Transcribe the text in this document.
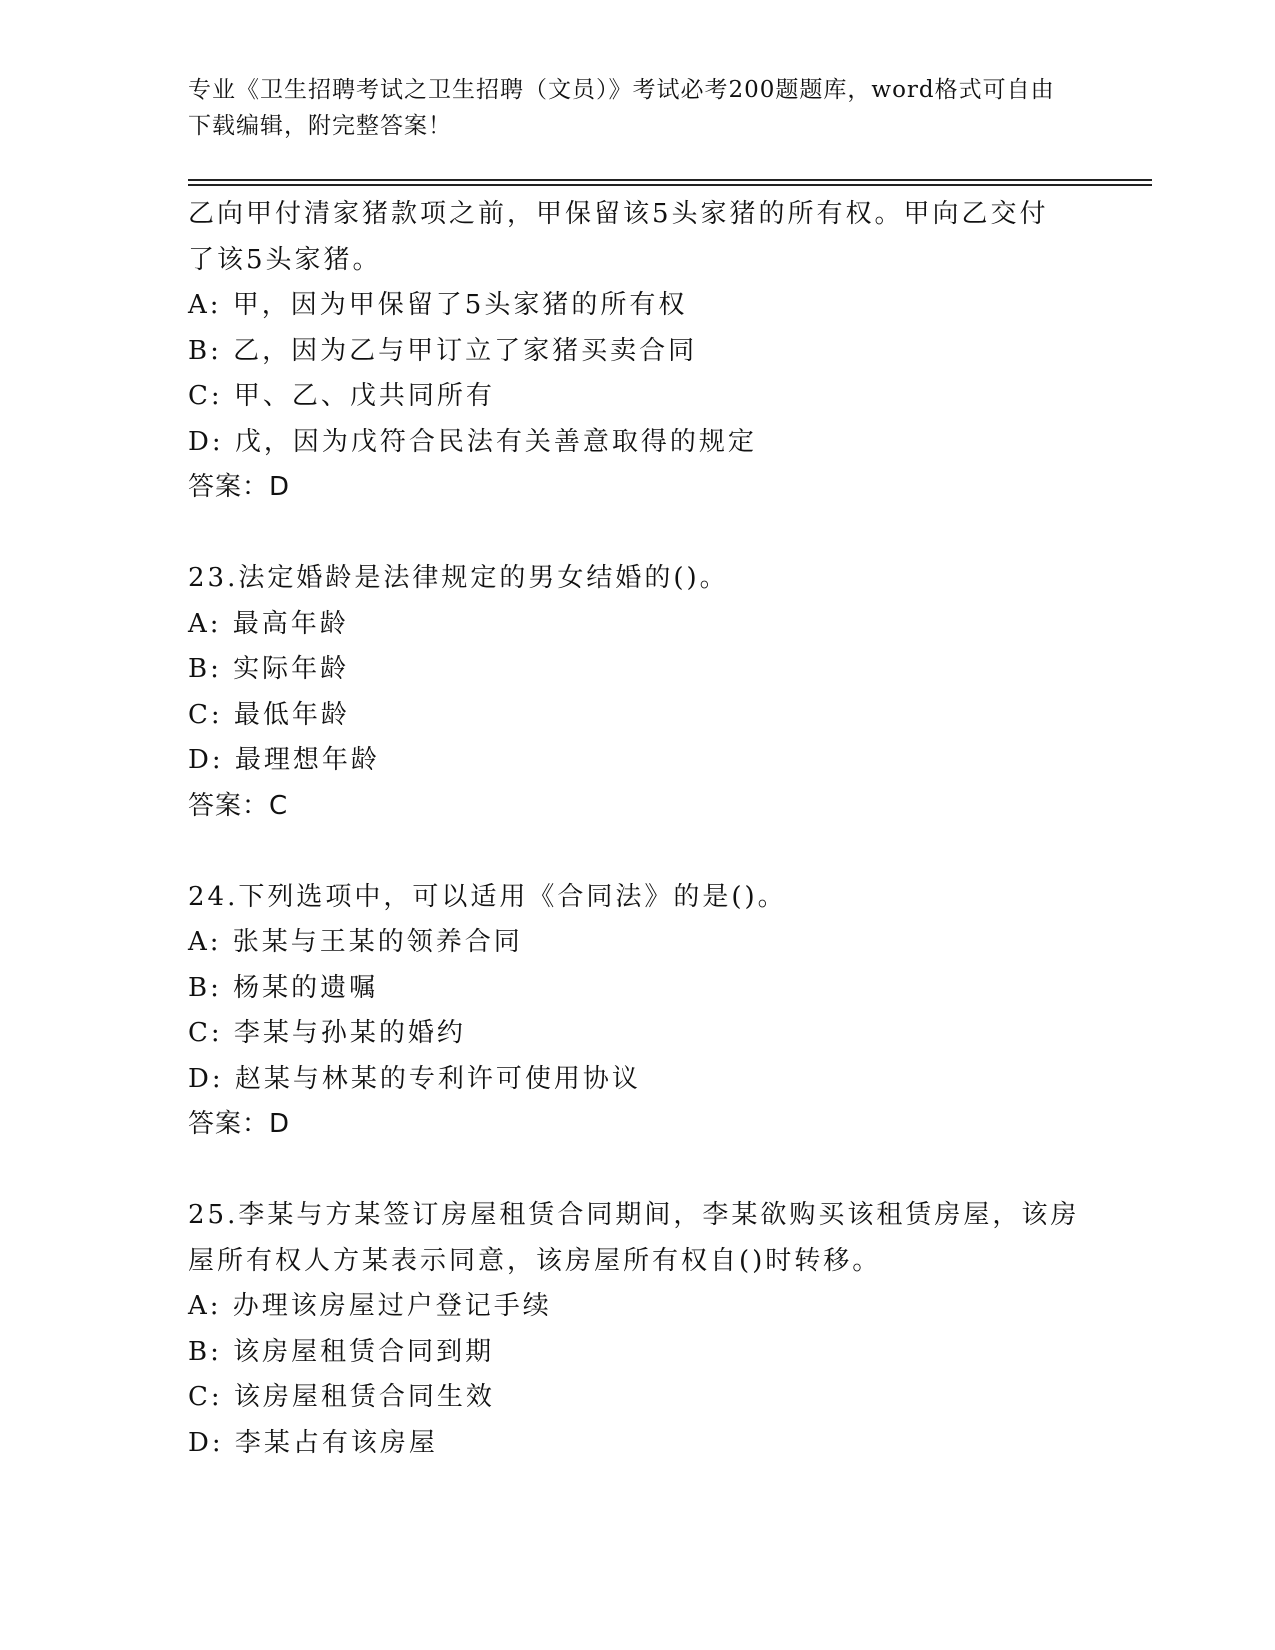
专业《卫生招聘考试之卫生招聘（文员）》考试必考200题题库，word格式可自由下载编辑，附完整答案！
乙向甲付清家猪款项之前，甲保留该5头家猪的所有权。甲向乙交付
了该5头家猪。
A: 甲，因为甲保留了5头家猪的所有权
B: 乙，因为乙与甲订立了家猪买卖合同
C: 甲、乙、戊共同所有
D: 戊，因为戊符合民法有关善意取得的规定
答案：D
23.法定婚龄是法律规定的男女结婚的()。
A: 最高年龄
B: 实际年龄
C: 最低年龄
D: 最理想年龄
答案：C
24.下列选项中，可以适用《合同法》的是()。
A: 张某与王某的领养合同
B: 杨某的遗嘱
C: 李某与孙某的婚约
D: 赵某与林某的专利许可使用协议
答案：D
25.李某与方某签订房屋租赁合同期间，李某欲购买该租赁房屋，该房
屋所有权人方某表示同意，该房屋所有权自()时转移。
A: 办理该房屋过户登记手续
B: 该房屋租赁合同到期
C: 该房屋租赁合同生效
D: 李某占有该房屋
